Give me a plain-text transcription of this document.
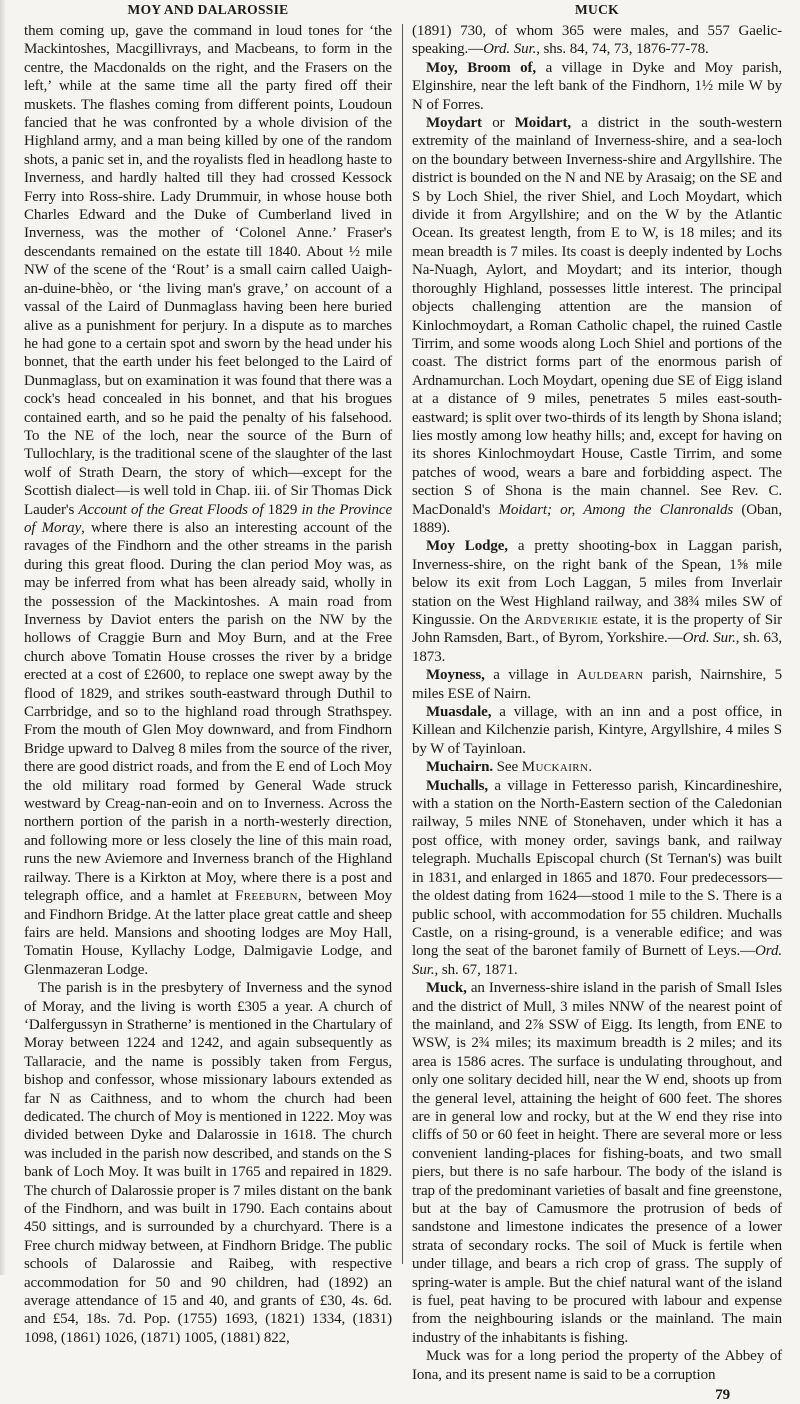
MOY AND DALAROSSIE	MUCK

them coming up, gave the command in loud tones for ‘the Mackintoshes, Macgillivrays, and Macbeans, to form in the centre, the Macdonalds on the right, and the Frasers on the left,’ while at the same time all the party fired off their muskets. The flashes coming from different points, Loudoun fancied that he was confronted by a whole division of the Highland army, and a man being killed by one of the random shots, a panic set in, and the royalists fled in headlong haste to Inverness, and hardly halted till they had crossed Kessock Ferry into Ross-shire. Lady Drummuir, in whose house both Charles Edward and the Duke of Cumberland lived in Inverness, was the mother of ‘Colonel Anne.’ Fraser's descendants remained on the estate till 1840. About ½ mile NW of the scene of the ‘Rout’ is a small cairn called Uaigh-an-duine-bhèo, or ‘the living man's grave,’ on account of a vassal of the Laird of Dunmaglass having been here buried alive as a punishment for perjury. In a dispute as to marches he had gone to a certain spot and sworn by the head under his bonnet, that the earth under his feet belonged to the Laird of Dunmaglass, but on examination it was found that there was a cock's head concealed in his bonnet, and that his brogues contained earth, and so he paid the penalty of his falsehood. To the NE of the loch, near the source of the Burn of Tullochlary, is the traditional scene of the slaughter of the last wolf of Strath Dearn, the story of which—except for the Scottish dialect—is well told in Chap. iii. of Sir Thomas Dick Lauder's Account of the Great Floods of 1829 in the Province of Moray, where there is also an interesting account of the ravages of the Findhorn and the other streams in the parish during this great flood. During the clan period Moy was, as may be inferred from what has been already said, wholly in the possession of the Mackintoshes. A main road from Inverness by Daviot enters the parish on the NW by the hollows of Craggie Burn and Moy Burn, and at the Free church above Tomatin House crosses the river by a bridge erected at a cost of £2600, to replace one swept away by the flood of 1829, and strikes south-eastward through Duthil to Carrbridge, and so to the highland road through Strathspey. From the mouth of Glen Moy downward, and from Findhorn Bridge upward to Dalveg 8 miles from the source of the river, there are good district roads, and from the E end of Loch Moy the old military road formed by General Wade struck westward by Creag-nan-eoin and on to Inverness. Across the northern portion of the parish in a north-westerly direction, and following more or less closely the line of this main road, runs the new Aviemore and Inverness branch of the Highland railway. There is a Kirkton at Moy, where there is a post and telegraph office, and a hamlet at Freeburn, between Moy and Findhorn Bridge. At the latter place great cattle and sheep fairs are held. Mansions and shooting lodges are Moy Hall, Tomatin House, Kyllachy Lodge, Dalmigavie Lodge, and Glenmazeran Lodge.

The parish is in the presbytery of Inverness and the synod of Moray, and the living is worth £305 a year. A church of ‘Dalfergussyn in Stratherne’ is mentioned in the Chartulary of Moray between 1224 and 1242, and again subsequently as Tallaracie, and the name is possibly taken from Fergus, bishop and confessor, whose missionary labours extended as far N as Caithness, and to whom the church had been dedicated. The church of Moy is mentioned in 1222. Moy was divided between Dyke and Dalarossie in 1618. The church was included in the parish now described, and stands on the S bank of Loch Moy. It was built in 1765 and repaired in 1829. The church of Dalarossie proper is 7 miles distant on the bank of the Findhorn, and was built in 1790. Each contains about 450 sittings, and is surrounded by a churchyard. There is a Free church midway between, at Findhorn Bridge. The public schools of Dalarossie and Raibeg, with respective accommodation for 50 and 90 children, had (1892) an average attendance of 15 and 40, and grants of £30, 4s. 6d. and £54, 18s. 7d. Pop. (1755) 1693, (1821) 1334, (1831) 1098, (1861) 1026, (1871) 1005, (1881) 822,

(1891) 730, of whom 365 were males, and 557 Gaelic-speaking.—Ord. Sur., shs. 84, 74, 73, 1876-77-78.

Moy, Broom of, a village in Dyke and Moy parish, Elginshire, near the left bank of the Findhorn, 1½ mile W by N of Forres.

Moydart or Moidart, a district in the south-western extremity of the mainland of Inverness-shire, and a sea-loch on the boundary between Inverness-shire and Argyllshire. The district is bounded on the N and NE by Arasaig; on the SE and S by Loch Shiel, the river Shiel, and Loch Moydart, which divide it from Argyllshire; and on the W by the Atlantic Ocean. Its greatest length, from E to W, is 18 miles; and its mean breadth is 7 miles. Its coast is deeply indented by Lochs Na-Nuagh, Aylort, and Moydart; and its interior, though thoroughly Highland, possesses little interest. The principal objects challenging attention are the mansion of Kinlochmoydart, a Roman Catholic chapel, the ruined Castle Tirrim, and some woods along Loch Shiel and portions of the coast. The district forms part of the enormous parish of Ardnamurchan. Loch Moydart, opening due SE of Eigg island at a distance of 9 miles, penetrates 5 miles east-south-eastward; is split over two-thirds of its length by Shona island; lies mostly among low heathy hills; and, except for having on its shores Kinlochmoydart House, Castle Tirrim, and some patches of wood, wears a bare and forbidding aspect. The section S of Shona is the main channel. See Rev. C. MacDonald's Moidart; or, Among the Clanronalds (Oban, 1889).

Moy Lodge, a pretty shooting-box in Laggan parish, Inverness-shire, on the right bank of the Spean, 1⅝ mile below its exit from Loch Laggan, 5 miles from Inverlair station on the West Highland railway, and 38¾ miles SW of Kingussie. On the Ardverikie estate, it is the property of Sir John Ramsden, Bart., of Byrom, Yorkshire.—Ord. Sur., sh. 63, 1873.

Moyness, a village in Auldearn parish, Nairnshire, 5 miles ESE of Nairn.

Muasdale, a village, with an inn and a post office, in Killean and Kilchenzie parish, Kintyre, Argyllshire, 4 miles S by W of Tayinloan.

Muchairn. See Muckairn.

Muchalls, a village in Fetteresso parish, Kincardineshire, with a station on the North-Eastern section of the Caledonian railway, 5 miles NNE of Stonehaven, under which it has a post office, with money order, savings bank, and railway telegraph. Muchalls Episcopal church (St Ternan's) was built in 1831, and enlarged in 1865 and 1870. Four predecessors—the oldest dating from 1624—stood 1 mile to the S. There is a public school, with accommodation for 55 children. Muchalls Castle, on a rising-ground, is a venerable edifice; and was long the seat of the baronet family of Burnett of Leys.—Ord. Sur., sh. 67, 1871.

Muck, an Inverness-shire island in the parish of Small Isles and the district of Mull, 3 miles NNW of the nearest point of the mainland, and 2⅞ SSW of Eigg. Its length, from ENE to WSW, is 2¾ miles; its maximum breadth is 2 miles; and its area is 1586 acres. The surface is undulating throughout, and only one solitary decided hill, near the W end, shoots up from the general level, attaining the height of 600 feet. The shores are in general low and rocky, but at the W end they rise into cliffs of 50 or 60 feet in height. There are several more or less convenient landing-places for fishing-boats, and two small piers, but there is no safe harbour. The body of the island is trap of the predominant varieties of basalt and fine greenstone, but at the bay of Camusmore the protrusion of beds of sandstone and limestone indicates the presence of a lower strata of secondary rocks. The soil of Muck is fertile when under tillage, and bears a rich crop of grass. The supply of spring-water is ample. But the chief natural want of the island is fuel, peat having to be procured with labour and expense from the neighbouring islands or the mainland. The main industry of the inhabitants is fishing.

Muck was for a long period the property of the Abbey of Iona, and its present name is said to be a corruption

79
